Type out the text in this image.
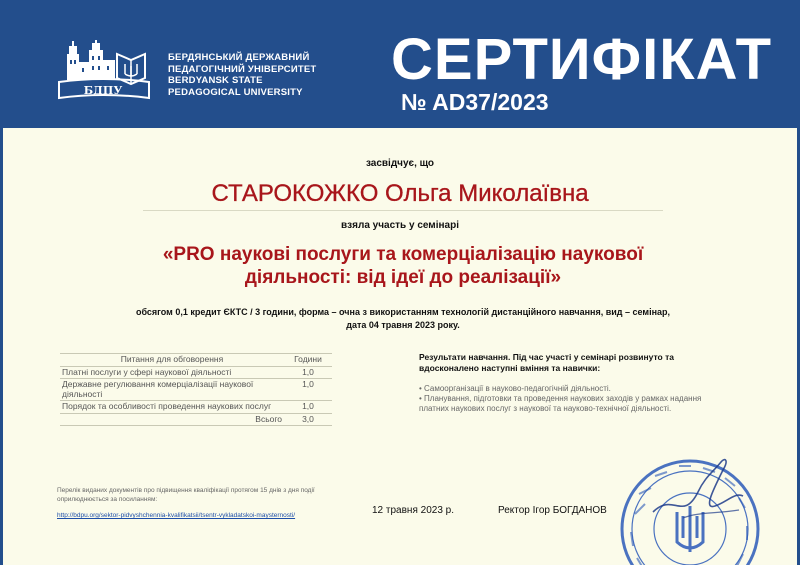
БДПУ
БЕРДЯНСЬКИЙ ДЕРЖАВНИЙ
ПЕДАГОГІЧНИЙ УНІВЕРСИТЕТ
BERDYANSK STATE
PEDAGOGICAL UNIVERSITY СЕРТИФІКАТ
№ AD37/2023
засвідчує, що
СТАРОКОЖКО Ольга Миколаївна
взяла участь у семінарі
«PRO наукові послуги та комерціалізацію наукової діяльності: від ідеї до реалізації»
обсягом 0,1 кредит ЄКТС / 3 години, форма – очна з використанням технологій дистанційного навчання, вид – семінар, дата 04 травня 2023 року.
Питання для обговорення	Години
Платні послуги у сфері наукової діяльності	1,0
Державне регулювання комерціалізації наукової діяльності	1,0
Порядок та особливості проведення наукових послуг	1,0
Всього	3,0
Результати навчання. Під час участі у семінарі розвинуто та вдосконалено наступні вміння та навички:
• Самоорганізації в науково-педагогічній діяльності.
• Планування, підготовки та проведення наукових заходів у рамках надання платних наукових послуг з наукової та науково-технічної діяльності.
Перелік виданих документів про підвищення кваліфікації протягом 15 днів з дня події оприлюднюється за посиланням:
http://bdpu.org/sektor-pidvyshchennia-kvalifikatsii/tsentr-vykladatskoi-maysternosti/	12 травня 2023 р.	Ректор Ігор БОГДАНОВ
